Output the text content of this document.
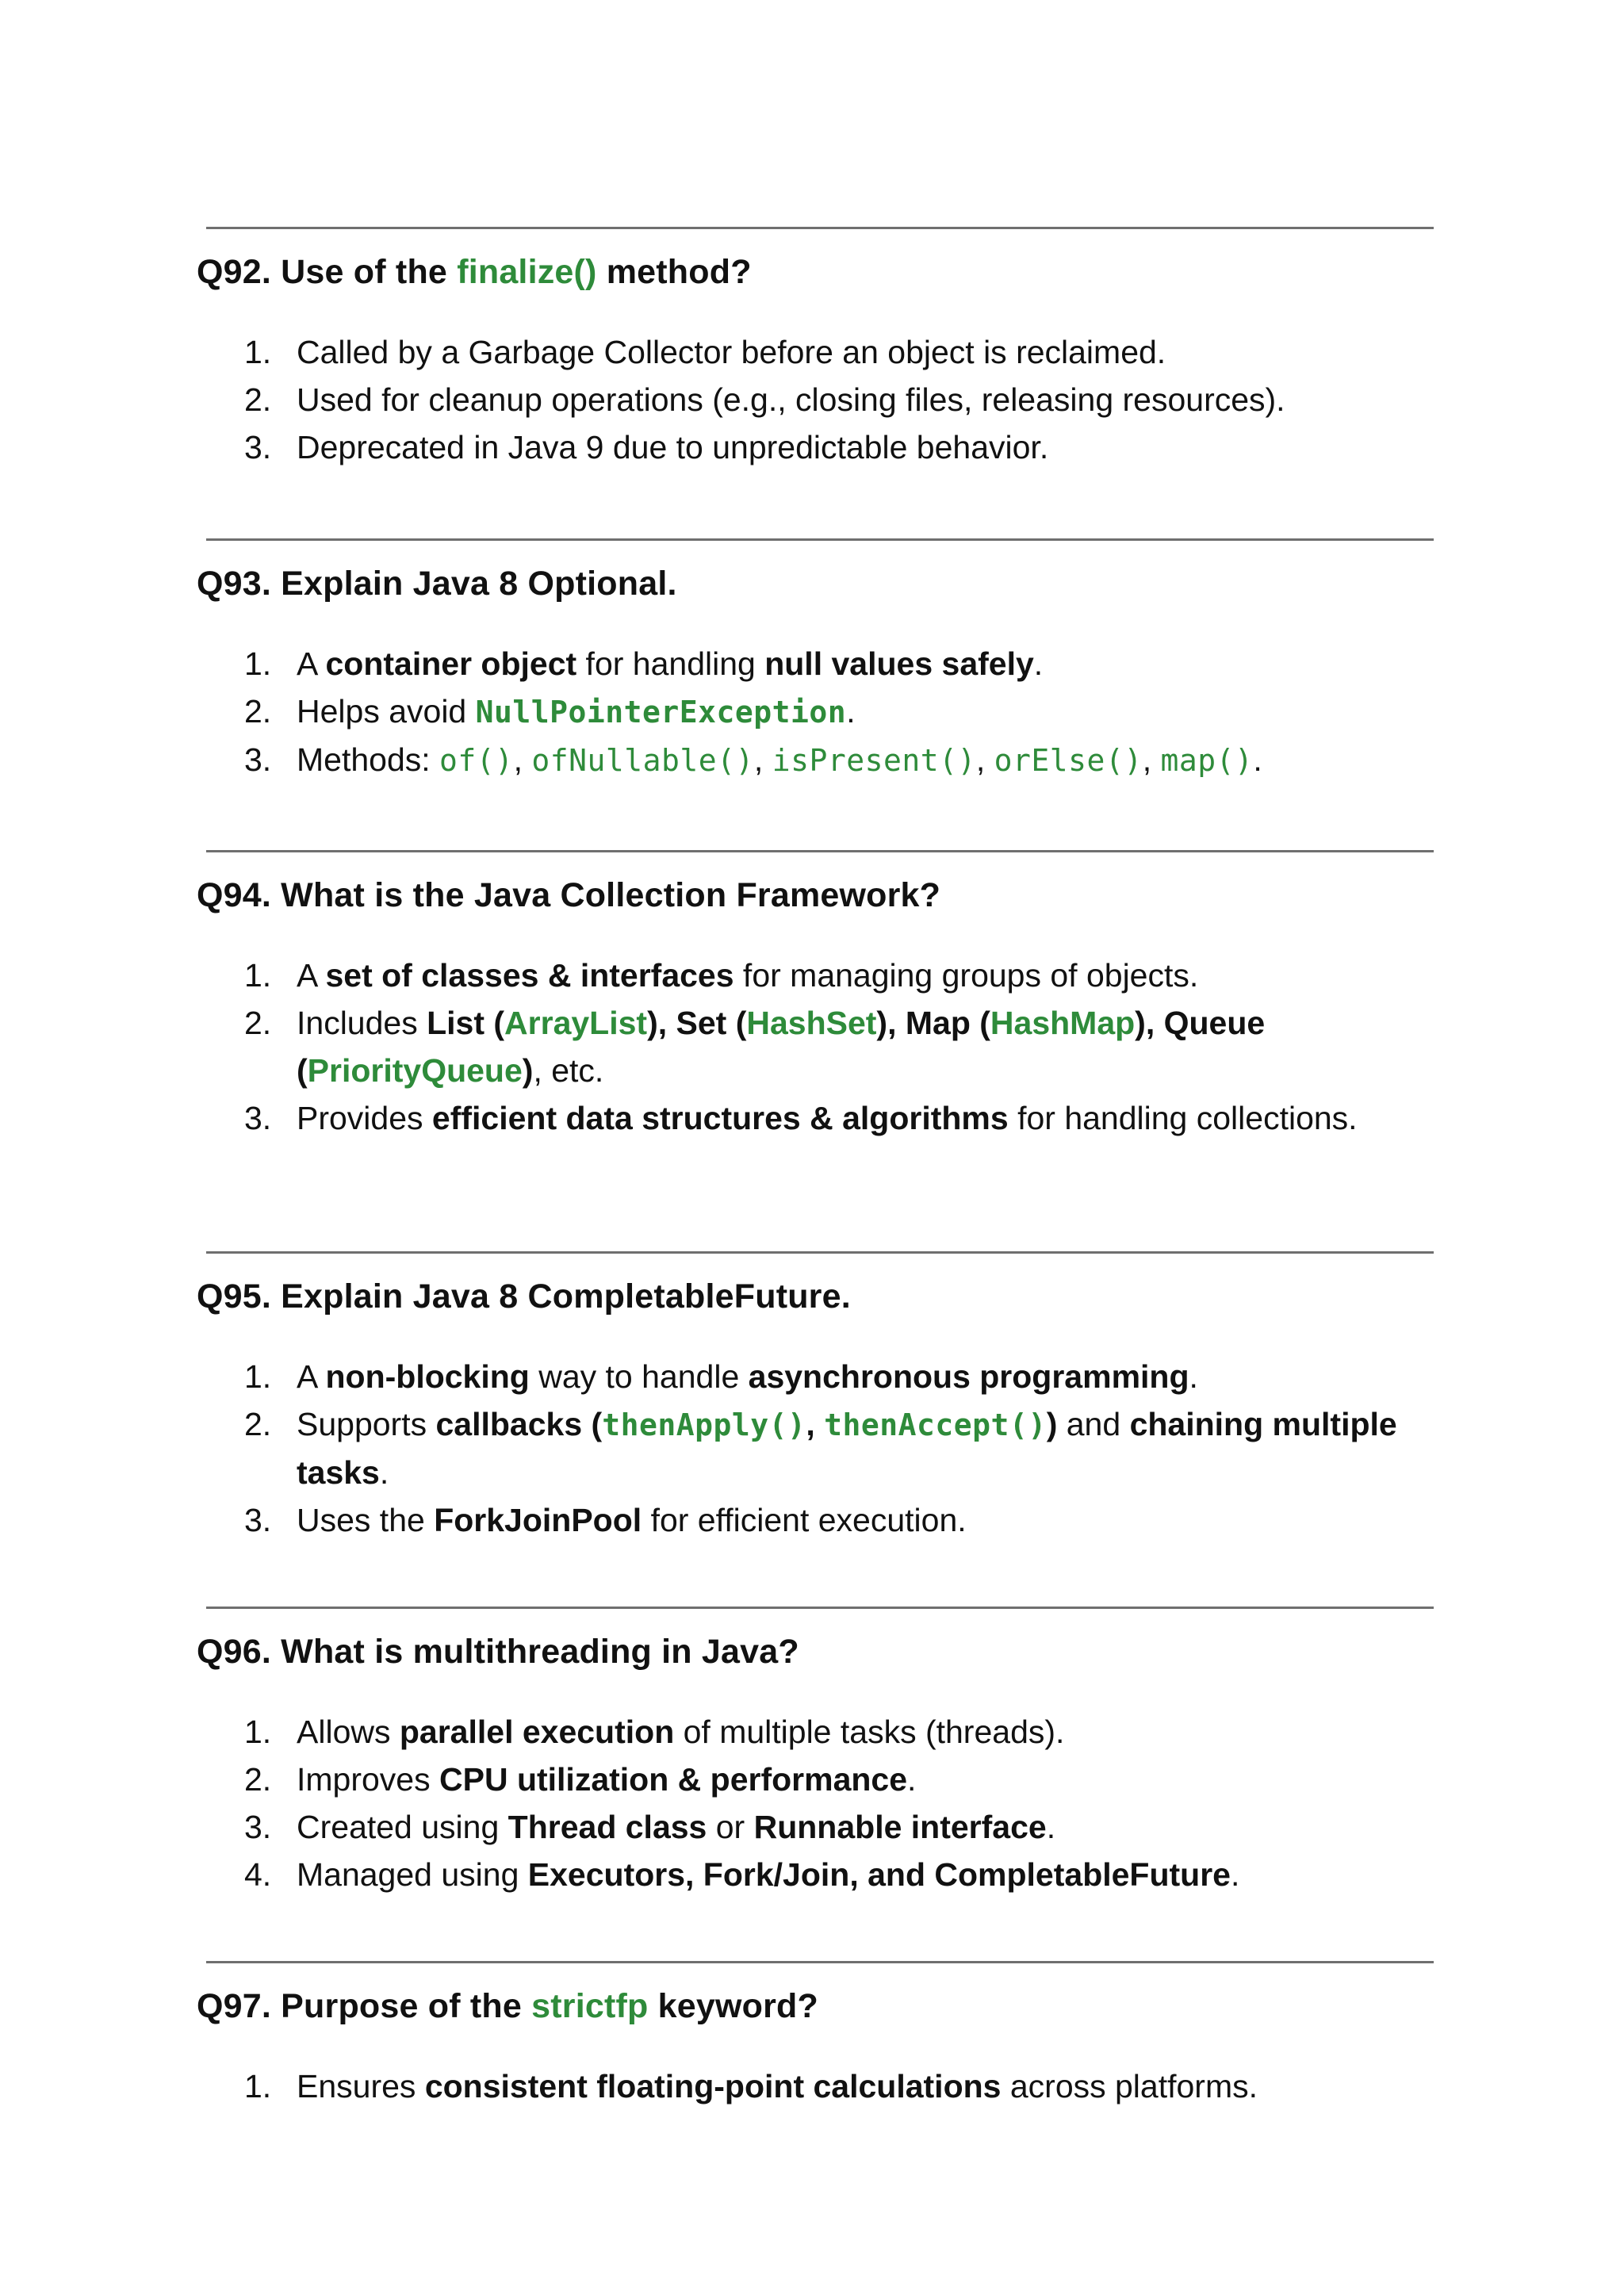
Q92. Use of the finalize() method?
1. Called by a Garbage Collector before an object is reclaimed.
2. Used for cleanup operations (e.g., closing files, releasing resources).
3. Deprecated in Java 9 due to unpredictable behavior.
Q93. Explain Java 8 Optional.
1. A container object for handling null values safely.
2. Helps avoid NullPointerException.
3. Methods: of(), ofNullable(), isPresent(), orElse(), map().
Q94. What is the Java Collection Framework?
1. A set of classes & interfaces for managing groups of objects.
2. Includes List (ArrayList), Set (HashSet), Map (HashMap), Queue (PriorityQueue), etc.
3. Provides efficient data structures & algorithms for handling collections.
Q95. Explain Java 8 CompletableFuture.
1. A non-blocking way to handle asynchronous programming.
2. Supports callbacks (thenApply(), thenAccept()) and chaining multiple tasks.
3. Uses the ForkJoinPool for efficient execution.
Q96. What is multithreading in Java?
1. Allows parallel execution of multiple tasks (threads).
2. Improves CPU utilization & performance.
3. Created using Thread class or Runnable interface.
4. Managed using Executors, Fork/Join, and CompletableFuture.
Q97. Purpose of the strictfp keyword?
1. Ensures consistent floating-point calculations across platforms.
